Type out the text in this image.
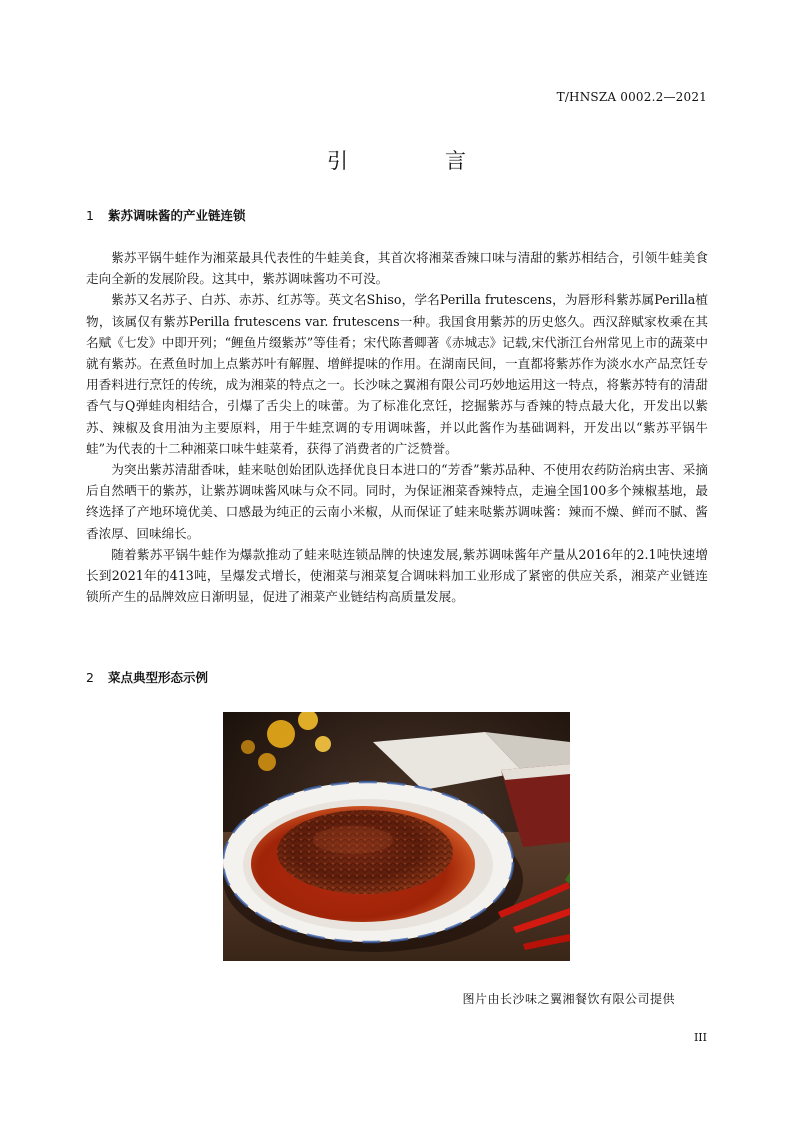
T/HNSZA 0002.2—2021
引　言
1 紫苏调味酱的产业链连锁

紫苏平锅牛蛙作为湘菜最具代表性的牛蛙美食，其首次将湘菜香辣口味与清甜的紫苏相结合，引领牛蛙美食走向全新的发展阶段。这其中，紫苏调味酱功不可没。

紫苏又名苏子、白苏、赤苏、红苏等。英文名Shiso，学名Perilla frutescens，为唇形科紫苏属Perilla植物，该属仅有紫苏Perilla frutescens var. frutescens一种。我国食用紫苏的历史悠久。西汉辞赋家枚乘在其名赋《七发》中即开列；“鲤鱼片缀紫苏”等佳肴；宋代陈耆卿著《赤城志》记载,宋代浙江台州常见上市的蔬菜中就有紫苏。在煮鱼时加上点紫苏叶有解腥、增鲜提味的作用。在湖南民间，一直都将紫苏作为淡水水产品烹饪专用香料进行烹饪的传统，成为湘菜的特点之一。长沙味之翼湘有限公司巧妙地运用这一特点，将紫苏特有的清甜香气与Q弹蛙肉相结合，引爆了舌尖上的味蕾。为了标准化烹饪，挖掘紫苏与香辣的特点最大化，开发出以紫苏、辣椒及食用油为主要原料，用于牛蛙烹调的专用调味酱，并以此酱作为基础调料，开发出以“紫苏平锅牛蛙”为代表的十二种湘菜口味牛蛙菜肴，获得了消费者的广泛赞誉。

为突出紫苏清甜香味，蛙来哒创始团队选择优良日本进口的“芳香”紫苏品种、不使用农药防治病虫害、采摘后自然晒干的紫苏，让紫苏调味酱风味与众不同。同时，为保证湘菜香辣特点，走遍全国100多个辣椒基地，最终选择了产地环境优美、口感最为纯正的云南小米椒，从而保证了蛙来哒紫苏调味酱：辣而不燥、鲜而不腻、酱香浓厚、回味绵长。

随着紫苏平锅牛蛙作为爆款推动了蛙来哒连锁品牌的快速发展,紫苏调味酱年产量从2016年的2.1吨快速增长到2021年的413吨，呈爆发式增长，使湘菜与湘菜复合调味料加工业形成了紧密的供应关系，湘菜产业链连锁所产生的品牌效应日渐明显，促进了湘菜产业链结构高质量发展。

2 菜点典型形态示例
图片由长沙味之翼湘餐饮有限公司提供
III
